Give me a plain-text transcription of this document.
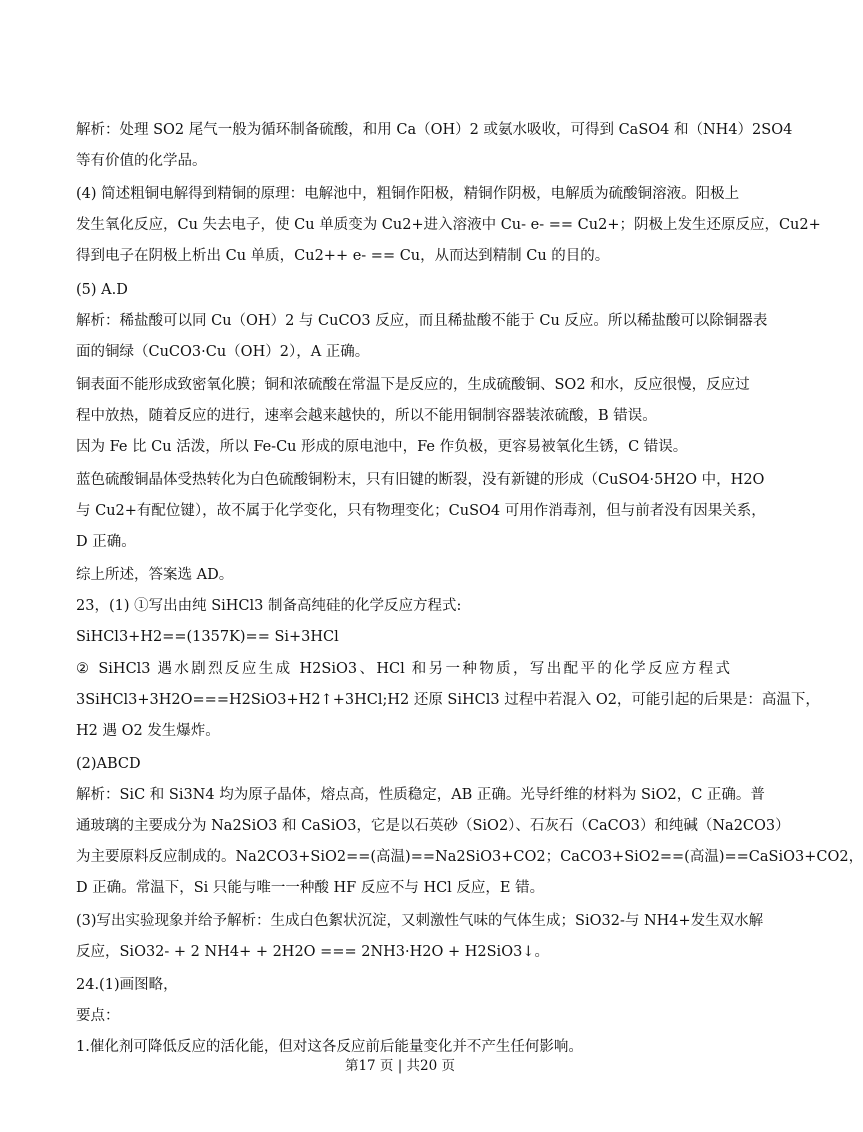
解析：处理 SO2 尾气一般为循环制备硫酸，和用 Ca（OH）2 或氨水吸收，可得到 CaSO4 和（NH4）2SO4
等有价值的化学品。
(4) 简述粗铜电解得到精铜的原理：电解池中，粗铜作阳极，精铜作阴极，电解质为硫酸铜溶液。阳极上
发生氧化反应，Cu 失去电子，使 Cu 单质变为 Cu2+进入溶液中 Cu- e- == Cu2+；阴极上发生还原反应，Cu2+
得到电子在阴极上析出 Cu 单质，Cu2++ e- == Cu，从而达到精制 Cu 的目的。
(5) A.D
解析：稀盐酸可以同 Cu（OH）2 与 CuCO3 反应，而且稀盐酸不能于 Cu 反应。所以稀盐酸可以除铜器表
面的铜绿（CuCO3·Cu（OH）2），A 正确。
铜表面不能形成致密氧化膜；铜和浓硫酸在常温下是反应的，生成硫酸铜、SO2 和水，反应很慢，反应过
程中放热，随着反应的进行，速率会越来越快的，所以不能用铜制容器装浓硫酸，B 错误。
因为 Fe 比 Cu 活泼，所以 Fe-Cu 形成的原电池中，Fe 作负极，更容易被氧化生锈，C 错误。
蓝色硫酸铜晶体受热转化为白色硫酸铜粉末，只有旧键的断裂，没有新键的形成（CuSO4·5H2O 中，H2O
与 Cu2+有配位键），故不属于化学变化，只有物理变化；CuSO4 可用作消毒剂，但与前者没有因果关系，
D 正确。
综上所述，答案选 AD。
23，(1) ①写出由纯 SiHCl3 制备高纯硅的化学反应方程式:
SiHCl3+H2==(1357K)== Si+3HCl
② SiHCl3 遇水剧烈反应生成 H2SiO3、HCl 和另一种物质，写出配平的化学反应方程式
3SiHCl3+3H2O===H2SiO3+H2↑+3HCl;H2 还原 SiHCl3 过程中若混入 O2，可能引起的后果是：高温下，
H2 遇 O2 发生爆炸。
(2)ABCD
解析：SiC 和 Si3N4 均为原子晶体，熔点高，性质稳定，AB 正确。光导纤维的材料为 SiO2，C 正确。普
通玻璃的主要成分为 Na2SiO3 和 CaSiO3，它是以石英砂（SiO2）、石灰石（CaCO3）和纯碱（Na2CO3）
为主要原料反应制成的。Na2CO3+SiO2==(高温)==Na2SiO3+CO2；CaCO3+SiO2==(高温)==CaSiO3+CO2，
D 正确。常温下，Si 只能与唯一一种酸 HF 反应不与 HCl 反应，E 错。
(3)写出实验现象并给予解析：生成白色絮状沉淀，又刺激性气味的气体生成；SiO32-与 NH4+发生双水解
反应，SiO32- + 2 NH4+ + 2H2O === 2NH3·H2O + H2SiO3↓。
24.(1)画图略，
要点：
1.催化剂可降低反应的活化能，但对这各反应前后能量变化并不产生任何影响。
第17 页 | 共20 页
